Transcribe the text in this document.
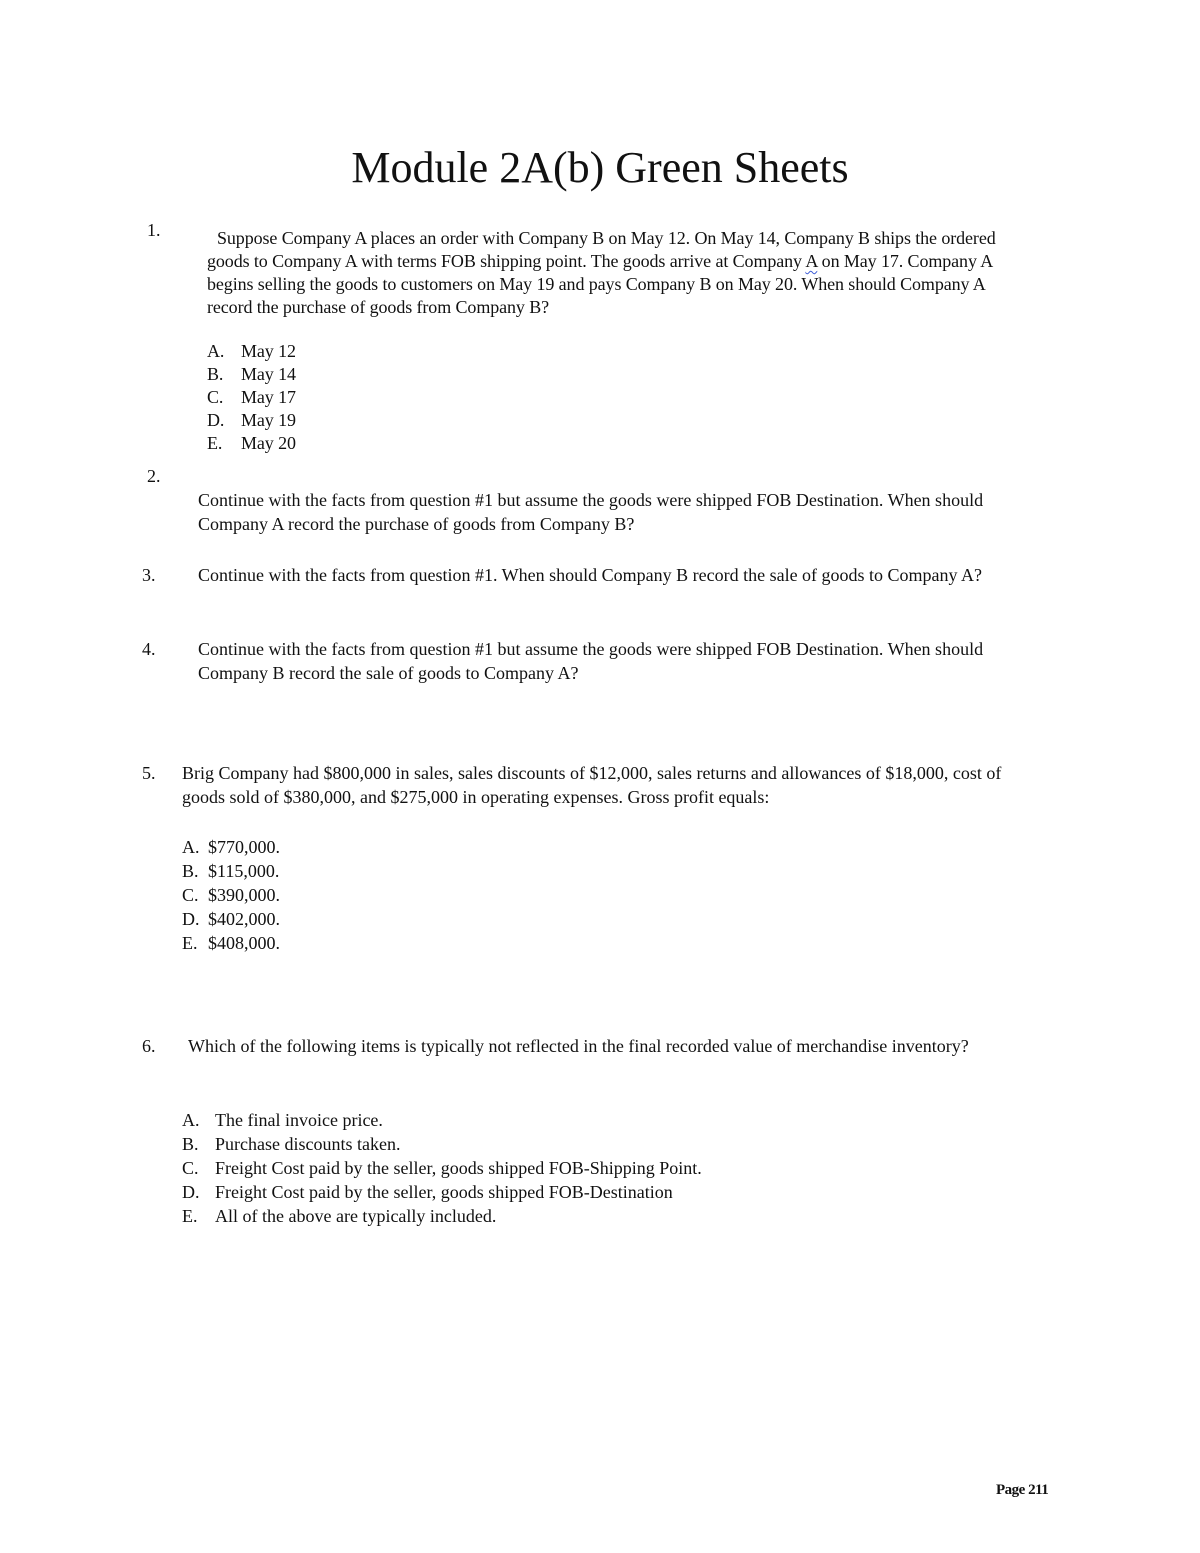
Module 2A(b) Green Sheets
1.	Suppose Company A places an order with Company B on May 12. On May 14, Company B ships the ordered goods to Company A with terms FOB shipping point. The goods arrive at Company A on May 17. Company A begins selling the goods to customers on May 19 and pays Company B on May 20. When should Company A record the purchase of goods from Company B?
A. May 12
B. May 14
C. May 17
D. May 19
E. May 20
2.
Continue with the facts from question #1 but assume the goods were shipped FOB Destination. When should Company A record the purchase of goods from Company B?
3. Continue with the facts from question #1. When should Company B record the sale of goods to Company A?
4. Continue with the facts from question #1 but assume the goods were shipped FOB Destination. When should Company B record the sale of goods to Company A?
5. Brig Company had $800,000 in sales, sales discounts of $12,000, sales returns and allowances of $18,000, cost of goods sold of $380,000, and $275,000 in operating expenses. Gross profit equals:
A. $770,000.
B. $115,000.
C. $390,000.
D. $402,000.
E. $408,000.
6.	Which of the following items is typically not reflected in the final recorded value of merchandise inventory?
A. The final invoice price.
B. Purchase discounts taken.
C. Freight Cost paid by the seller, goods shipped FOB-Shipping Point.
D. Freight Cost paid by the seller, goods shipped FOB-Destination
E. All of the above are typically included.
Page 211
